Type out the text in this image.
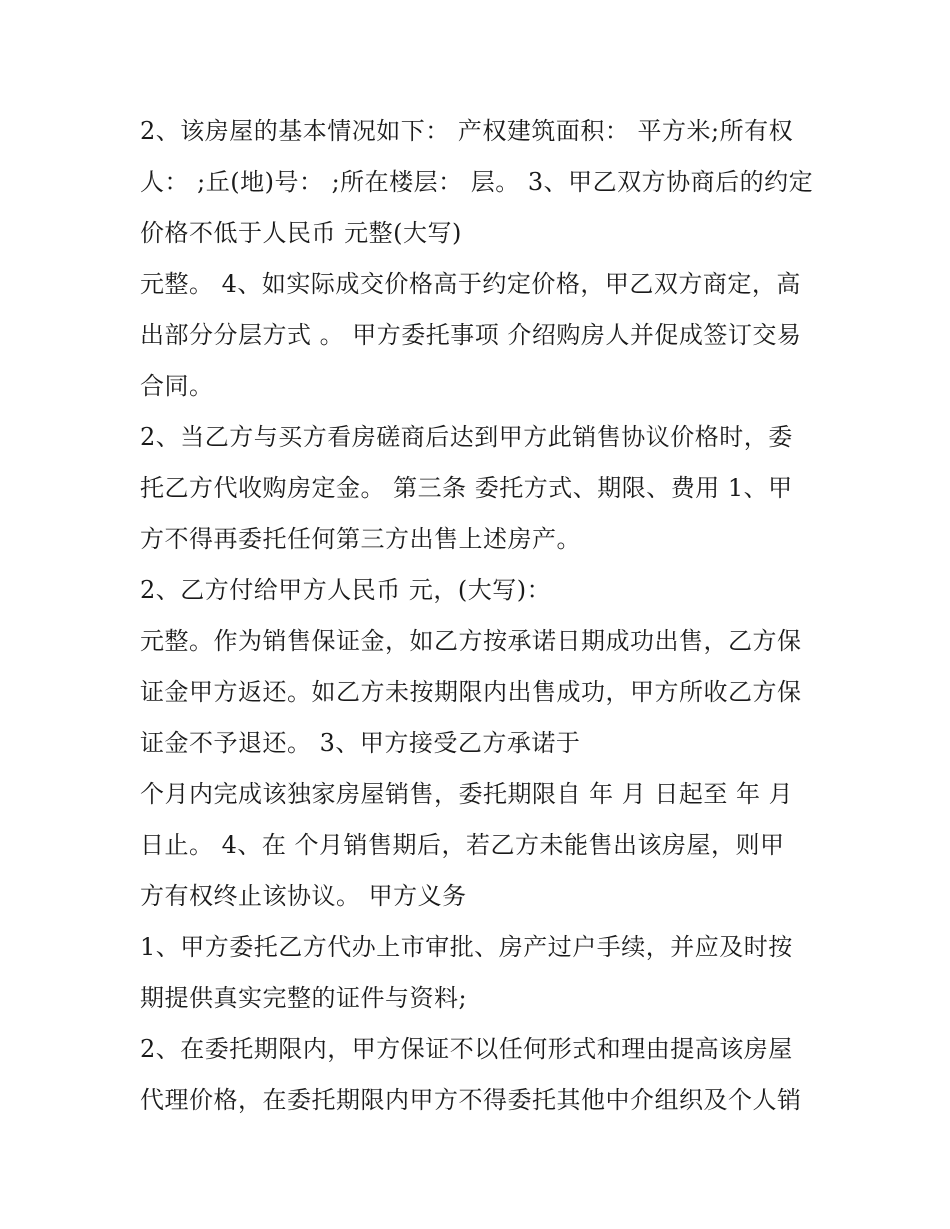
2、该房屋的基本情况如下： 产权建筑面积： 平方米;所有权
人： ;丘(地)号： ;所在楼层： 层。 3、甲乙双方协商后的约定
价格不低于人民币 元整(大写)
元整。 4、如实际成交价格高于约定价格，甲乙双方商定，高
出部分分层方式 。 甲方委托事项 介绍购房人并促成签订交易
合同。
2、当乙方与买方看房磋商后达到甲方此销售协议价格时，委
托乙方代收购房定金。 第三条 委托方式、期限、费用 1、甲
方不得再委托任何第三方出售上述房产。
2、乙方付给甲方人民币 元，(大写)：
元整。作为销售保证金，如乙方按承诺日期成功出售，乙方保
证金甲方返还。如乙方未按期限内出售成功，甲方所收乙方保
证金不予退还。 3、甲方接受乙方承诺于
个月内完成该独家房屋销售，委托期限自 年 月 日起至 年 月
日止。 4、在 个月销售期后，若乙方未能售出该房屋，则甲
方有权终止该协议。 甲方义务
1、甲方委托乙方代办上市审批、房产过户手续，并应及时按
期提供真实完整的证件与资料;
2、在委托期限内，甲方保证不以任何形式和理由提高该房屋
代理价格，在委托期限内甲方不得委托其他中介组织及个人销
